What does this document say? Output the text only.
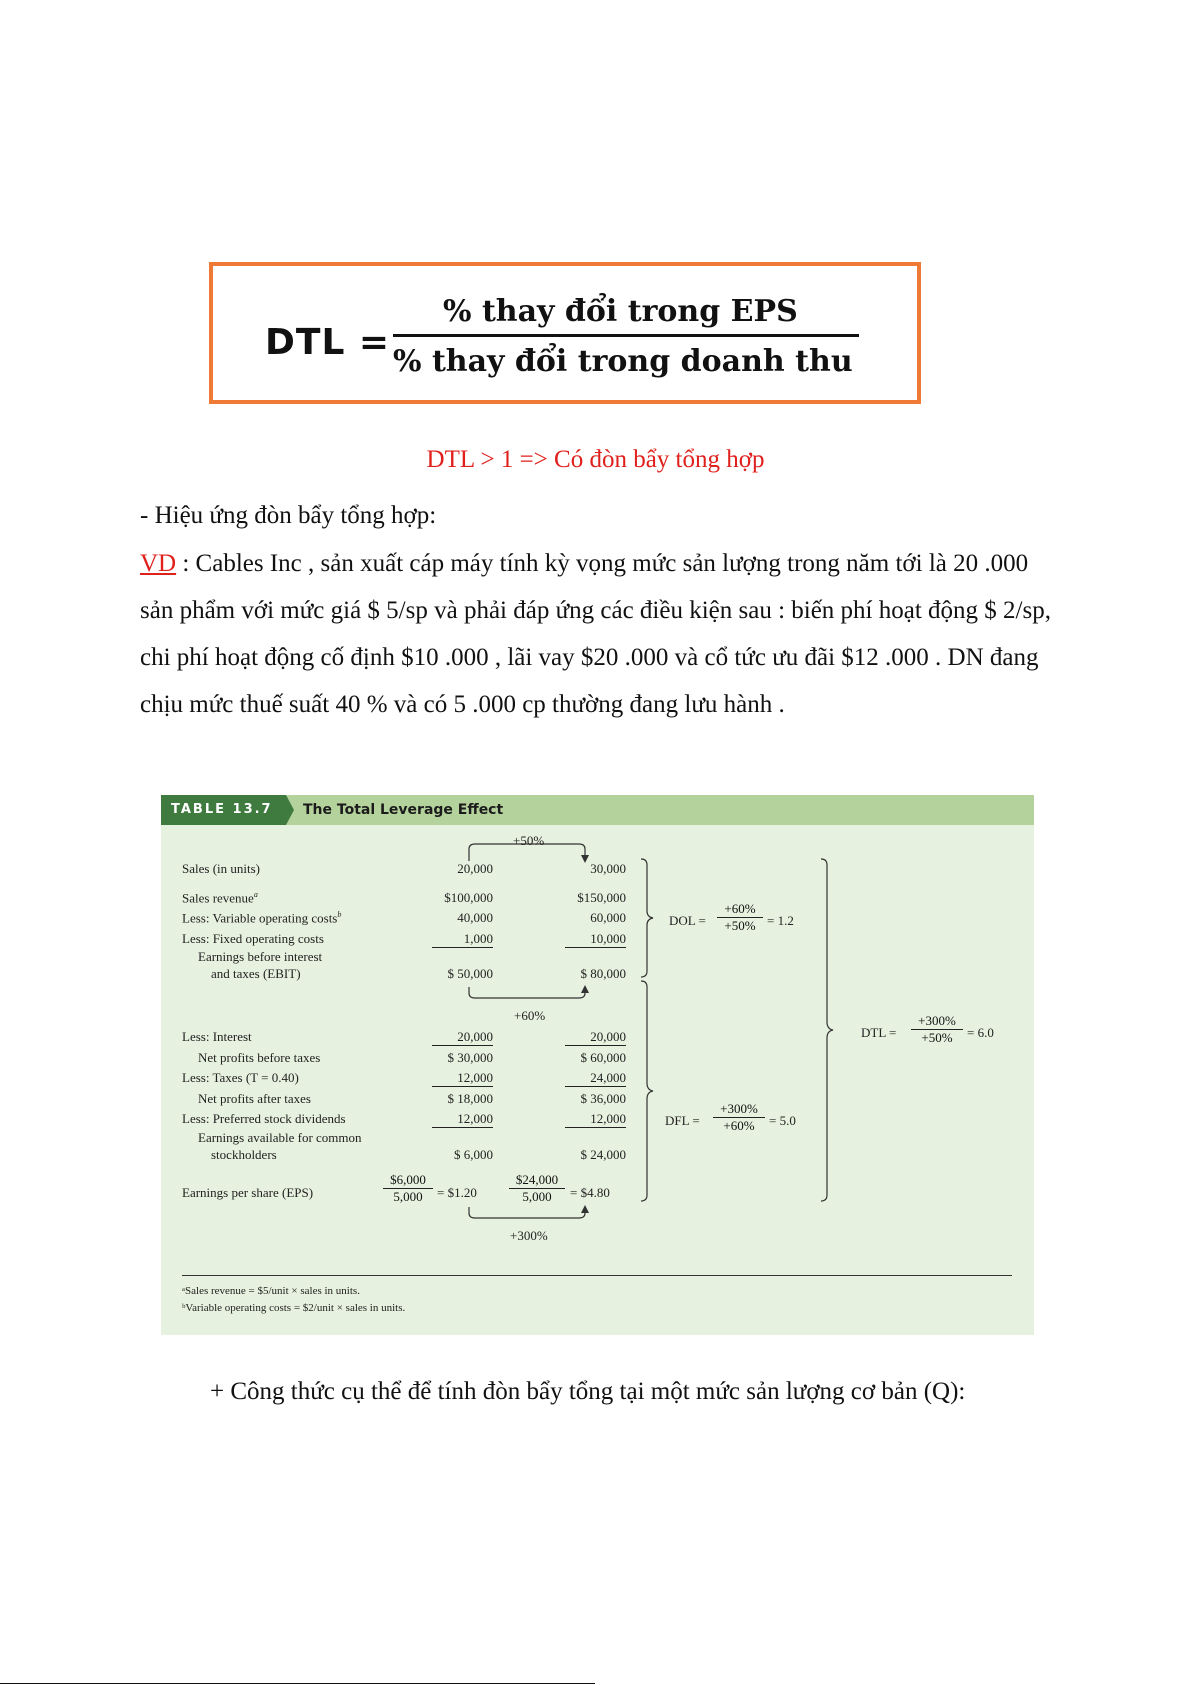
DTL =
% thay đổi trong EPS
% thay đổi trong doanh thu
DTL > 1 => Có đòn bẩy tổng hợp
- Hiệu ứng đòn bẩy tổng hợp:
VD : Cables Inc , sản xuất cáp máy tính kỳ vọng mức sản lượng trong năm tới là 20 .000 sản phẩm với mức giá $ 5/sp và phải đáp ứng các điều kiện sau : biến phí hoạt động $ 2/sp, chi phí hoạt động cố định $10 .000 , lãi vay $20 .000 và cổ tức ưu đãi $12 .000 . DN đang chịu mức thuế suất 40 % và có 5 .000 cp thường đang lưu hành .
TABLE 13.7	The Total Leverage Effect
+50%
Sales (in units)
Sales revenue$^a$
Less: Variable operating costs$^b$
Less: Fixed operating costs
Earnings before interest
and taxes (EBIT)
Less: Interest
Net profits before taxes
Less: Taxes (T = 0.40)
Net profits after taxes
Less: Preferred stock dividends
Earnings available for common
stockholders
Earnings per share (EPS)
20,000
$100,000
40,000
1,000
$ 50,000
20,000
$ 30,000
12,000
$ 18,000
12,000
$ 6,000
30,000
$150,000
60,000
10,000
$ 80,000
20,000
$ 60,000
24,000
$ 36,000
12,000
$ 24,000
+60%
$\frac{\$6,000}{5,000}$ = $1.20 $\frac{\$24,000}{5,000}$ = $4.80
+300%
DOL = $\frac{+60\%}{+50\%} = 1.2$
DFL = $\frac{+300\%}{+60\%} = 5.0$
DTL = $\frac{+300\%}{+50\%} = 6.0$
ᵃSales revenue = $5/unit × sales in units.
ᵇVariable operating costs = $2/unit × sales in units.
+ Công thức cụ thể để tính đòn bẩy tổng tại một mức sản lượng cơ bản (Q):
